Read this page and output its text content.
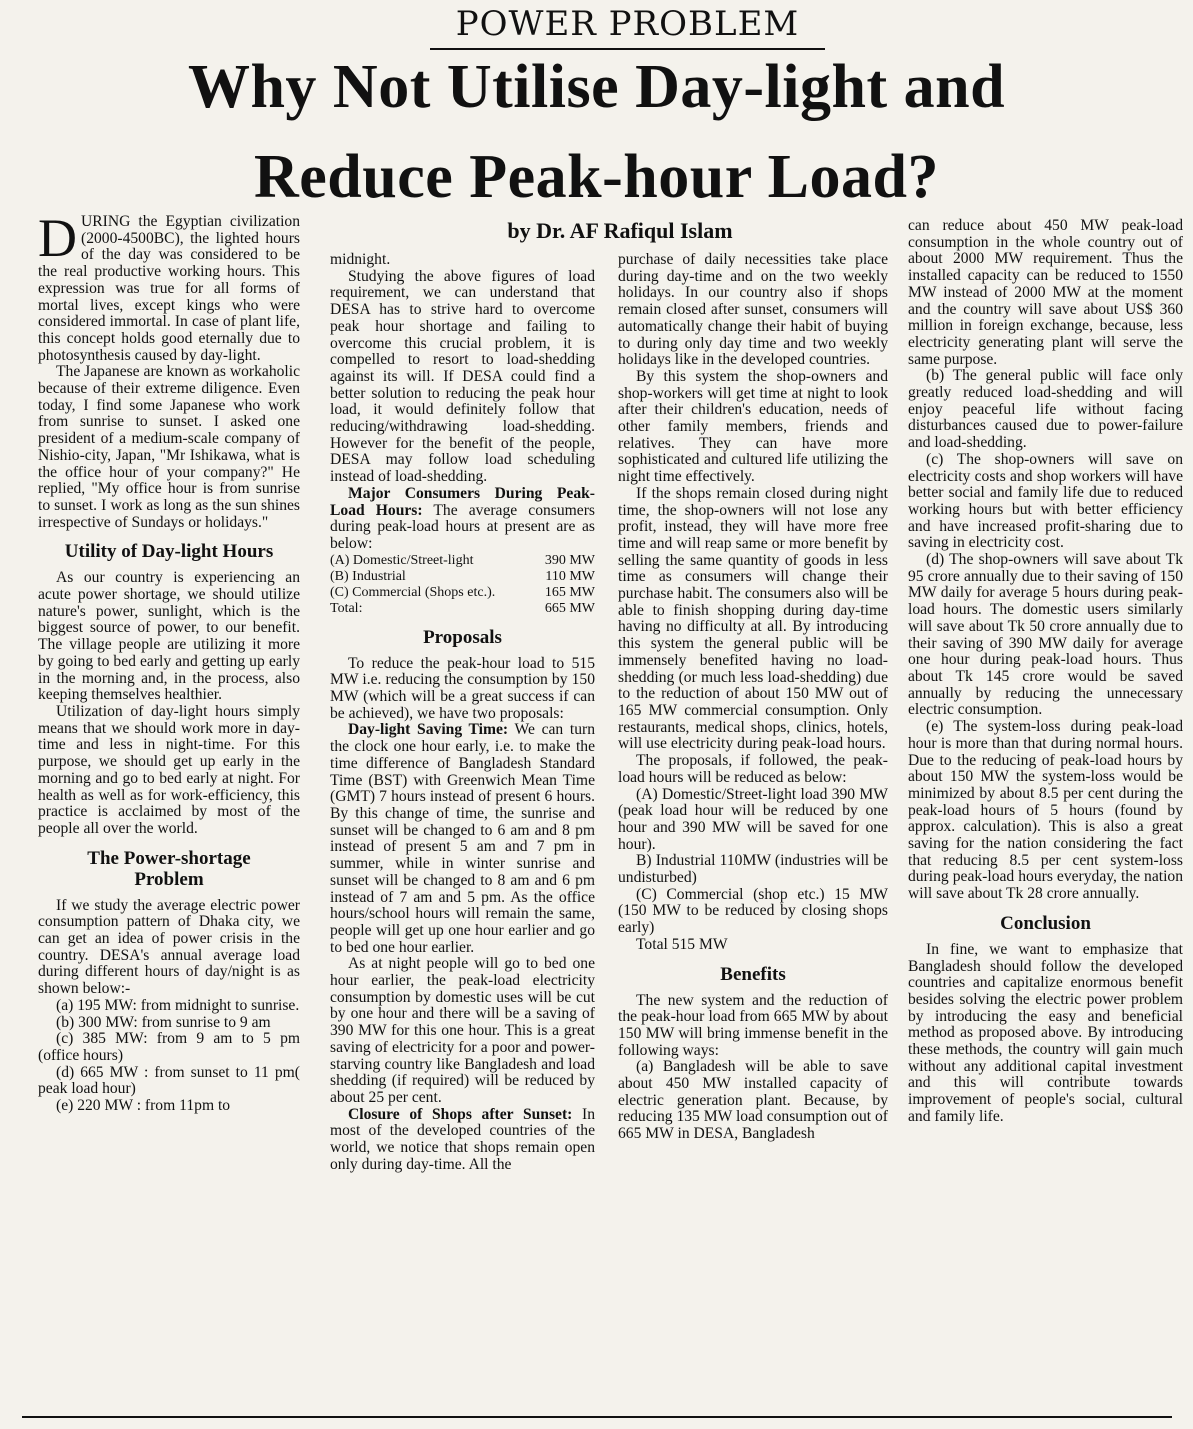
POWER PROBLEM
Why Not Utilise Day-light and
Reduce Peak-hour Load?
by Dr. AF Rafiqul Islam

DURING the Egyptian civilization (2000-4500BC), the lighted hours of the day was considered to be the real productive working hours. This expression was true for all forms of mortal lives, except kings who were considered immortal. In case of plant life, this concept holds good eternally due to photosynthesis caused by day-light.

The Japanese are known as workaholic because of their extreme diligence. Even today, I find some Japanese who work from sunrise to sunset. I asked one president of a medium-scale company of Nishio-city, Japan, "Mr Ishikawa, what is the office hour of your company?" He replied, "My office hour is from sunrise to sunset. I work as long as the sun shines irrespective of Sundays or holidays."

Utility of Day-light Hours

As our country is experiencing an acute power shortage, we should utilize nature's power, sunlight, which is the biggest source of power, to our benefit. The village people are utilizing it more by going to bed early and getting up early in the morning and, in the process, also keeping themselves healthier.

Utilization of day-light hours simply means that we should work more in day-time and less in night-time. For this purpose, we should get up early in the morning and go to bed early at night. For health as well as for work-efficiency, this practice is acclaimed by most of the people all over the world.

The Power-shortage
Problem

If we study the average electric power consumption pattern of Dhaka city, we can get an idea of power crisis in the country. DESA's annual average load during different hours of day/night is as shown below:-

(a) 195 MW: from midnight to sunrise.

(b) 300 MW: from sunrise to 9 am

(c) 385 MW: from 9 am to 5 pm (office hours)

(d) 665 MW : from sunset to 11 pm( peak load hour)

(e) 220 MW : from 11pm to

midnight.

Studying the above figures of load requirement, we can understand that DESA has to strive hard to overcome peak hour shortage and failing to overcome this crucial problem, it is compelled to resort to load-shedding against its will. If DESA could find a better solution to reducing the peak hour load, it would definitely follow that reducing/withdrawing load-shedding. However for the benefit of the people, DESA may follow load scheduling instead of load-shedding.

Major Consumers During Peak-Load Hours: The average consumers during peak-load hours at present are as below:

(A) Domestic/Street-light	390 MW
(B) Industrial	110 MW
(C) Commercial (Shops etc.).	165 MW
Total:	665 MW
Proposals

To reduce the peak-hour load to 515 MW i.e. reducing the consumption by 150 MW (which will be a great success if can be achieved), we have two proposals:

Day-light Saving Time: We can turn the clock one hour early, i.e. to make the time difference of Bangladesh Standard Time (BST) with Greenwich Mean Time (GMT) 7 hours instead of present 6 hours. By this change of time, the sunrise and sunset will be changed to 6 am and 8 pm instead of present 5 am and 7 pm in summer, while in winter sunrise and sunset will be changed to 8 am and 6 pm instead of 7 am and 5 pm. As the office hours/school hours will remain the same, people will get up one hour earlier and go to bed one hour earlier.

As at night people will go to bed one hour earlier, the peak-load electricity consumption by domestic uses will be cut by one hour and there will be a saving of 390 MW for this one hour. This is a great saving of electricity for a poor and power-starving country like Bangladesh and load shedding (if required) will be reduced by about 25 per cent.

Closure of Shops after Sunset: In most of the developed countries of the world, we notice that shops remain open only during day-time. All the

purchase of daily necessities take place during day-time and on the two weekly holidays. In our country also if shops remain closed after sunset, consumers will automatically change their habit of buying to during only day time and two weekly holidays like in the developed countries.

By this system the shop-owners and shop-workers will get time at night to look after their children's education, needs of other family members, friends and relatives. They can have more sophisticated and cultured life utilizing the night time effectively.

If the shops remain closed during night time, the shop-owners will not lose any profit, instead, they will have more free time and will reap same or more benefit by selling the same quantity of goods in less time as consumers will change their purchase habit. The consumers also will be able to finish shopping during day-time having no difficulty at all. By introducing this system the general public will be immensely benefited having no load-shedding (or much less load-shedding) due to the reduction of about 150 MW out of 165 MW commercial consumption. Only restaurants, medical shops, clinics, hotels, will use electricity during peak-load hours.

The proposals, if followed, the peak-load hours will be reduced as below:

(A) Domestic/Street-light load 390 MW (peak load hour will be reduced by one hour and 390 MW will be saved for one hour).

B) Industrial 110MW (industries will be undisturbed)

(C) Commercial (shop etc.) 15 MW (150 MW to be reduced by closing shops early)

Total 515 MW

Benefits

The new system and the reduction of the peak-hour load from 665 MW by about 150 MW will bring immense benefit in the following ways:

(a) Bangladesh will be able to save about 450 MW installed capacity of electric generation plant. Because, by reducing 135 MW load consumption out of 665 MW in DESA, Bangladesh

can reduce about 450 MW peak-load consumption in the whole country out of about 2000 MW requirement. Thus the installed capacity can be reduced to 1550 MW instead of 2000 MW at the moment and the country will save about US$ 360 million in foreign exchange, because, less electricity generating plant will serve the same purpose.

(b) The general public will face only greatly reduced load-shedding and will enjoy peaceful life without facing disturbances caused due to power-failure and load-shedding.

(c) The shop-owners will save on electricity costs and shop workers will have better social and family life due to reduced working hours but with better efficiency and have increased profit-sharing due to saving in electricity cost.

(d) The shop-owners will save about Tk 95 crore annually due to their saving of 150 MW daily for average 5 hours during peak-load hours. The domestic users similarly will save about Tk 50 crore annually due to their saving of 390 MW daily for average one hour during peak-load hours. Thus about Tk 145 crore would be saved annually by reducing the unnecessary electric consumption.

(e) The system-loss during peak-load hour is more than that during normal hours. Due to the reducing of peak-load hours by about 150 MW the system-loss would be minimized by about 8.5 per cent during the peak-load hours of 5 hours (found by approx. calculation). This is also a great saving for the nation considering the fact that reducing 8.5 per cent system-loss during peak-load hours everyday, the nation will save about Tk 28 crore annually.

Conclusion

In fine, we want to emphasize that Bangladesh should follow the developed countries and capitalize enormous benefit besides solving the electric power problem by introducing the easy and beneficial method as proposed above. By introducing these methods, the country will gain much without any additional capital investment and this will contribute towards improvement of people's social, cultural and family life.
